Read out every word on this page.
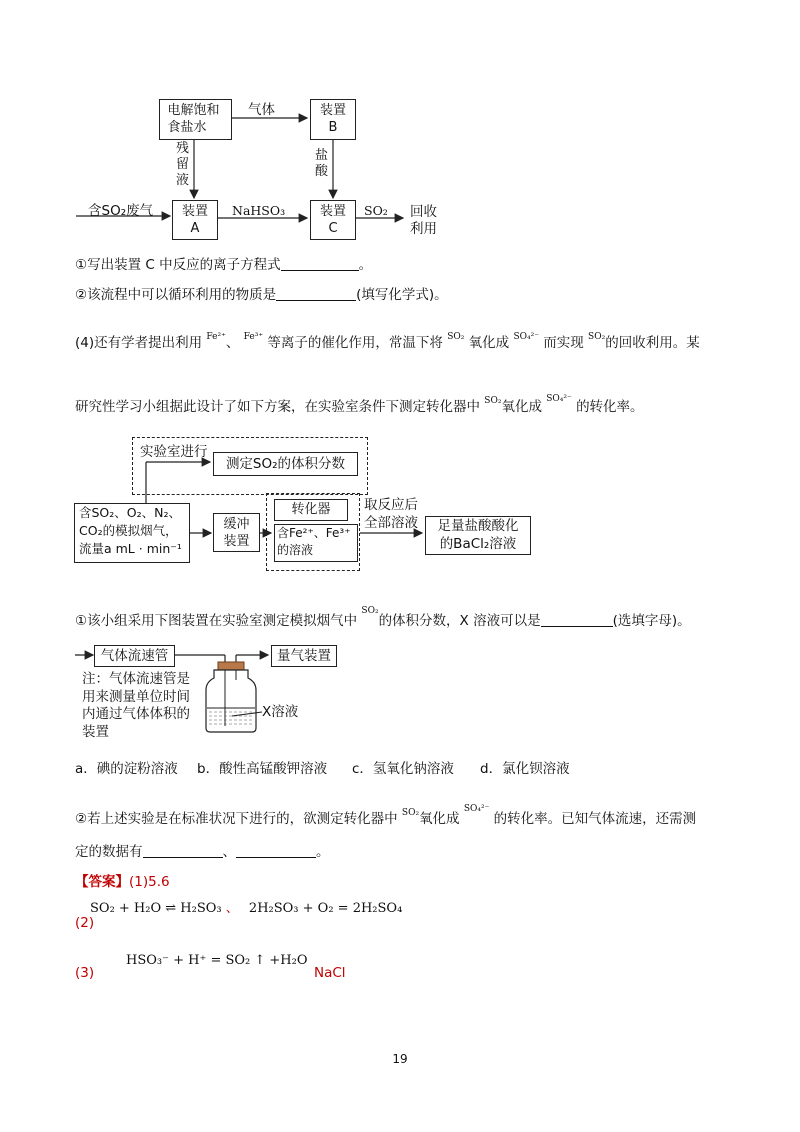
电解饱和食盐水
气体	装置
B
残留液
盐酸
含SO₂废气	装置
A
NaHSO₃	装置
C
SO₂ 回收利用
①写出装置 C 中反应的离子方程式	。
②该流程中可以循环利用的物质是	(填写化学式)。
(4)还有学者提出利用 $^{Fe^{2+}}$、 $^{Fe^{3+}}$ 等离子的催化作用，常温下将 $^{SO_2}$ 氧化成 $^{SO_4^{2-}}$ 而实现 $^{SO_2}$的回收利用。某
研究性学习小组据此设计了如下方案，在实验室条件下测定转化器中 $^{SO_2}$氧化成 $^{SO_4^{2-}}$ 的转化率。
实验室进行
测定SO₂的体积分数
含SO₂、O₂、N₂、
CO₂的模拟烟气，
流量a mL · min⁻¹
缓冲
装置
转化器
含Fe²⁺、Fe³⁺
的溶液
取反应后
全部溶液	足量盐酸酸化
的BaCl₂溶液
①该小组采用下图装置在实验室测定模拟烟气中 $^{SO_2}$的体积分数，X 溶液可以是	(选填字母)。
气体流速管	量气装置
注：气体流速管是
用来测量单位时间
内通过气体体积的
装置
X溶液
a．碘的淀粉溶液 b．酸性高锰酸钾溶液 c．氢氧化钠溶液 d．氯化钡溶液
②若上述实验是在标准状况下进行的，欲测定转化器中 $^{SO_2}$氧化成 $^{SO_4^{2-}}$ 的转化率。已知气体流速，还需测
定的数据有	、	。
【答案】(1)5.6
(2)
SO₂ + H₂O ⇌ H₂SO₃ 、 2H₂SO₃ + O₂ = 2H₂SO₄
(3)
HSO₃⁻ + H⁺ = SO₂ ↑ +H₂O
NaCl
19
